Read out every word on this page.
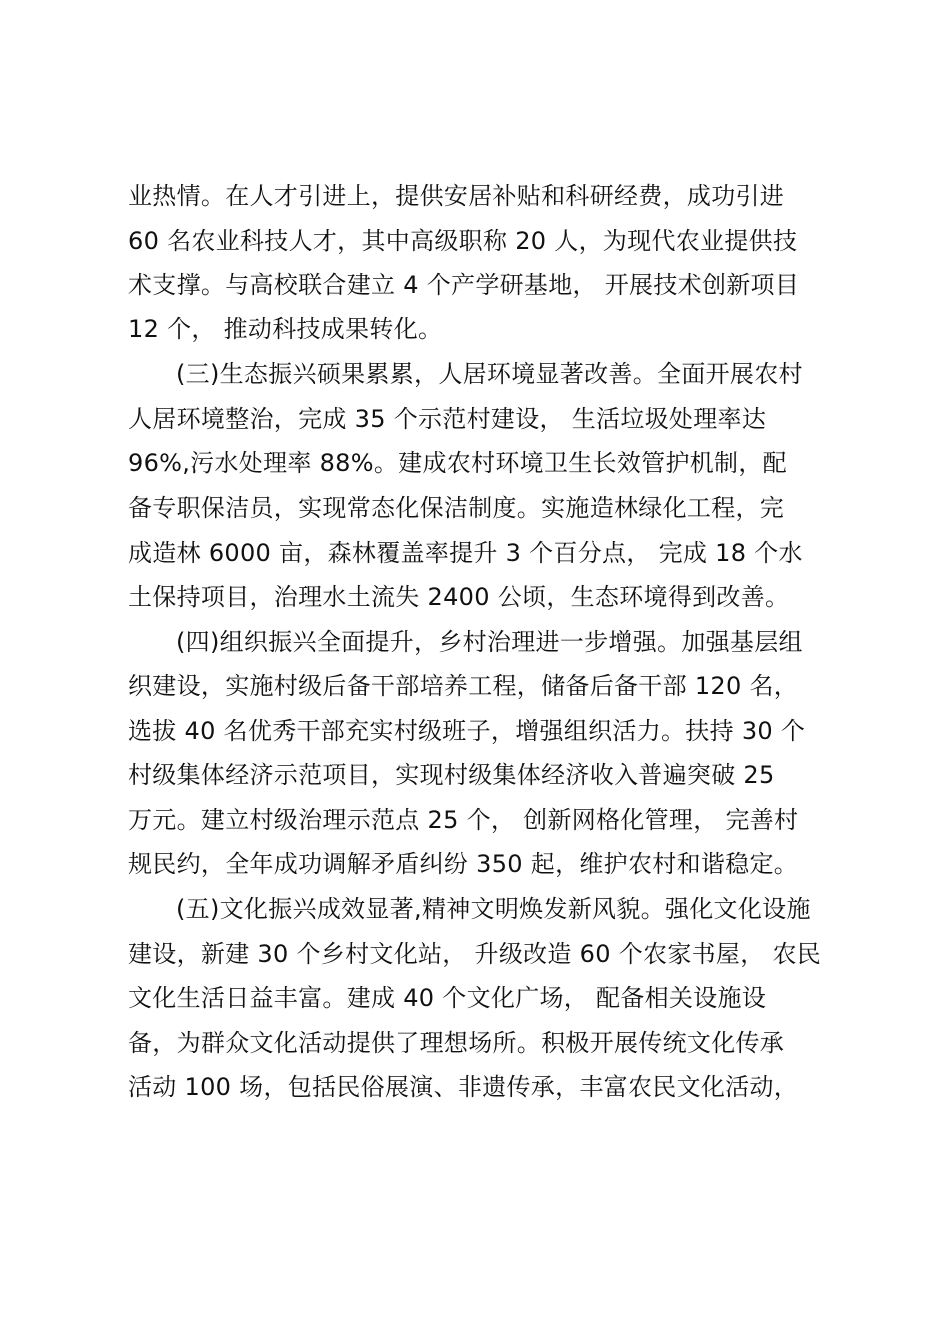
业热情。在人才引进上，提供安居补贴和科研经费，成功引进
60 名农业科技人才，其中高级职称 20 人，为现代农业提供技
术支撑。与高校联合建立 4 个产学研基地， 开展技术创新项目
12 个， 推动科技成果转化。
(三)生态振兴硕果累累，人居环境显著改善。全面开展农村
人居环境整治，完成 35 个示范村建设， 生活垃圾处理率达
96%,污水处理率 88%。建成农村环境卫生长效管护机制，配
备专职保洁员，实现常态化保洁制度。实施造林绿化工程，完
成造林 6000 亩，森林覆盖率提升 3 个百分点， 完成 18 个水
土保持项目，治理水土流失 2400 公顷，生态环境得到改善。
(四)组织振兴全面提升，乡村治理进一步增强。加强基层组
织建设，实施村级后备干部培养工程，储备后备干部 120 名，
选拔 40 名优秀干部充实村级班子，增强组织活力。扶持 30 个
村级集体经济示范项目，实现村级集体经济收入普遍突破 25
万元。建立村级治理示范点 25 个， 创新网格化管理， 完善村
规民约，全年成功调解矛盾纠纷 350 起，维护农村和谐稳定。
(五)文化振兴成效显著,精神文明焕发新风貌。强化文化设施
建设，新建 30 个乡村文化站， 升级改造 60 个农家书屋， 农民
文化生活日益丰富。建成 40 个文化广场， 配备相关设施设
备，为群众文化活动提供了理想场所。积极开展传统文化传承
活动 100 场，包括民俗展演、非遗传承，丰富农民文化活动，
